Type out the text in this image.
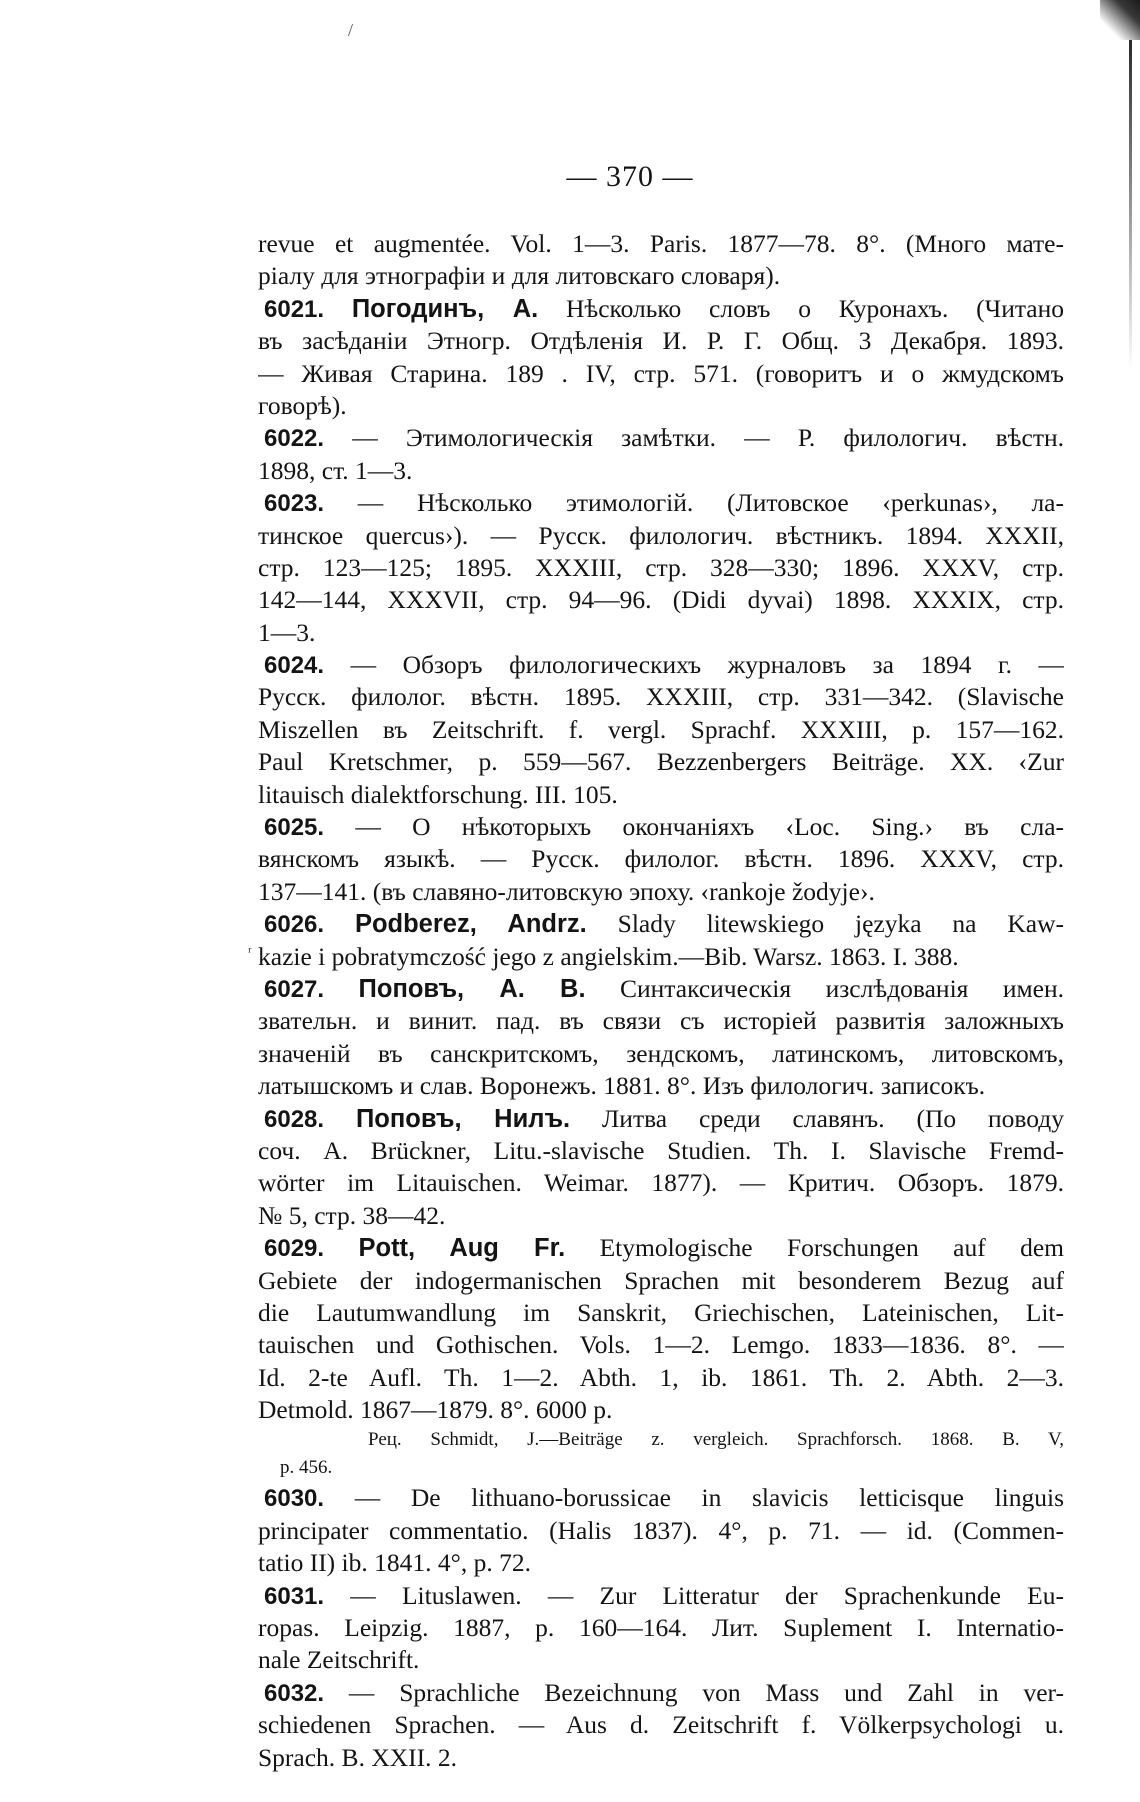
/
ʳ
— 370 —
revue et augmentée. Vol. 1—3. Paris. 1877—78. 8°. (Много мате-
ріалу для этнографіи и для литовскаго словаря).
6021. Погодинъ, А. Нѣсколько словъ о Куронахъ. (Читано
въ засѣданіи Этногр. Отдѣленія И. Р. Г. Общ. 3 Декабря. 1893.
— Живая Старина. 189 . IV, стр. 571. (говоритъ и о жмудскомъ
говорѣ).
6022. — Этимологическія замѣтки. — Р. филологич. вѣстн.
1898, ст. 1—3.
6023. — Нѣсколько этимологій. (Литовское ‹perkunas›, ла-
тинское quercus›). — Русск. филологич. вѣстникъ. 1894. XXXII,
стр. 123—125; 1895. XXXIII, стр. 328—330; 1896. XXXV, стр.
142—144, XXXVII, стр. 94—96. (Didi dyvai) 1898. XXXIX, стр.
1—3.
6024. — Обзоръ филологическихъ журналовъ за 1894 г. —
Русск. филолог. вѣстн. 1895. XXXIII, стр. 331—342. (Slavische
Miszellen въ Zeitschrift. f. vergl. Sprachf. XXXIII, p. 157—162.
Paul Kretschmer, p. 559—567. Bezzenbergers Beiträge. XX. ‹Zur
litauisch dialektforschung. III. 105.
6025. — О нѣкоторыхъ окончаніяхъ ‹Loc. Sing.› въ сла-
вянскомъ языкѣ. — Русск. филолог. вѣстн. 1896. XXXV, стр.
137—141. (въ славяно-литовскую эпоху. ‹rankoje žodyje›.
6026. Podberez, Andrz. Slady litewskiego języka na Kaw-
kazie i pobratymczość jego z angielskim.—Bib. Warsz. 1863. I. 388.
6027. Поповъ, А. В. Синтаксическія изслѣдованія имен.
звательн. и винит. пад. въ связи съ исторіей развитія заложныхъ
значеній въ санскритскомъ, зендскомъ, латинскомъ, литовскомъ,
латышскомъ и слав. Воронежъ. 1881. 8°. Изъ филологич. записокъ.
6028. Поповъ, Нилъ. Литва среди славянъ. (По поводу
соч. A. Brückner, Litu.-slavische Studien. Th. I. Slavische Fremd-
wörter im Litauischen. Weimar. 1877). — Критич. Обзоръ. 1879.
№ 5, стр. 38—42.
6029. Pott, Aug Fr. Etymologische Forschungen auf dem
Gebiete der indogermanischen Sprachen mit besonderem Bezug auf
die Lautumwandlung im Sanskrit, Griechischen, Lateinischen, Lit-
tauischen und Gothischen. Vols. 1—2. Lemgo. 1833—1836. 8°. —
Id. 2-te Aufl. Th. 1—2. Abth. 1, ib. 1861. Th. 2. Abth. 2—3.
Detmold. 1867—1879. 8°. 6000 p.
Рец. Schmidt, J.—Beiträge z. vergleich. Sprachforsch. 1868. B. V,
p. 456.
6030. — De lithuano-borussicae in slavicis letticisque linguis
principater commentatio. (Halis 1837). 4°, p. 71. — id. (Commen-
tatio II) ib. 1841. 4°, p. 72.
6031. — Lituslawen. — Zur Litteratur der Sprachenkunde Eu-
ropas. Leipzig. 1887, p. 160—164. Лит. Suplement I. Internatio-
nale Zeitschrift.
6032. — Sprachliche Bezeichnung von Mass und Zahl in ver-
schiedenen Sprachen. — Aus d. Zeitschrift f. Völkerpsychologi u.
Sprach. B. XXII. 2.
